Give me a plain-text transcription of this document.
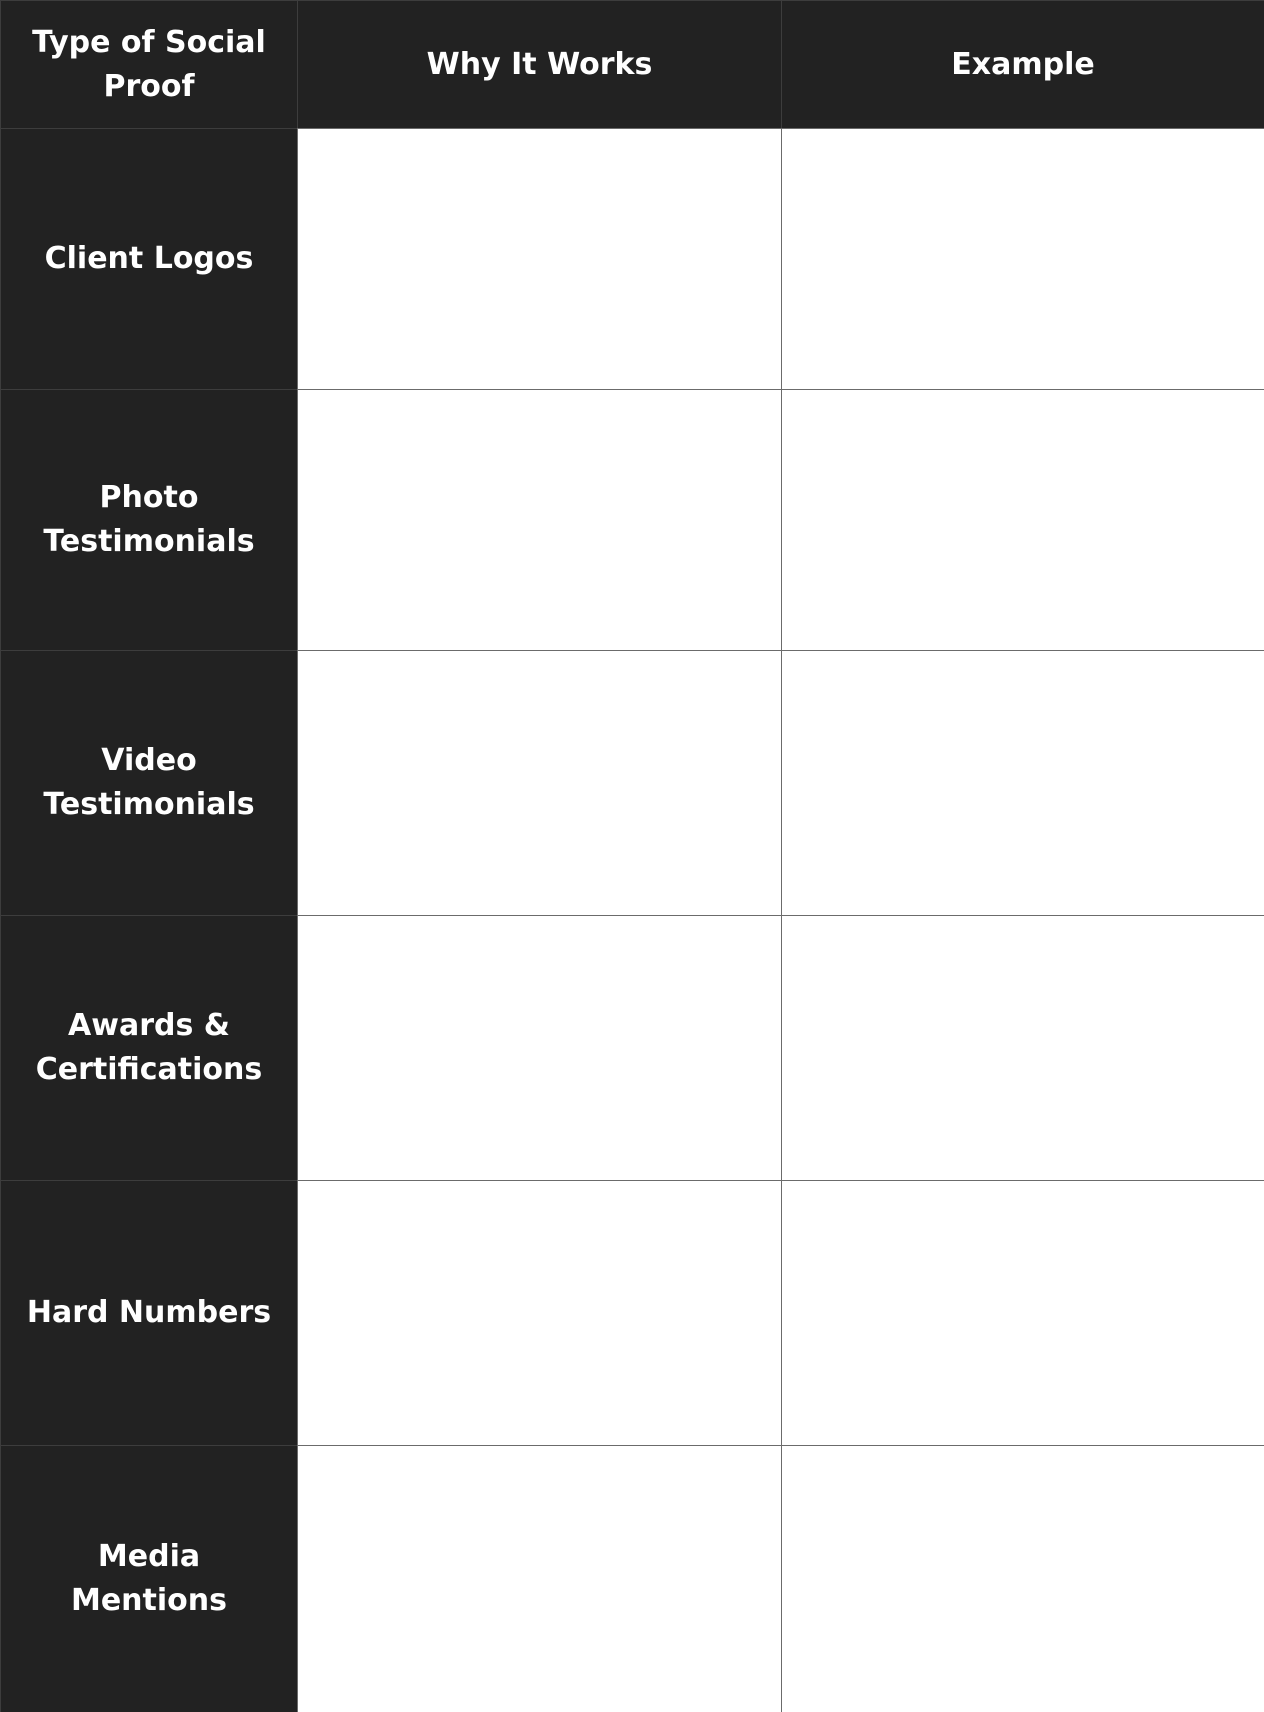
Type of Social
Proof
Why It Works	Example
Client Logos
Photo
Testimonials
Video
Testimonials
Awards &
Certifications
Hard Numbers
Media Mentions
